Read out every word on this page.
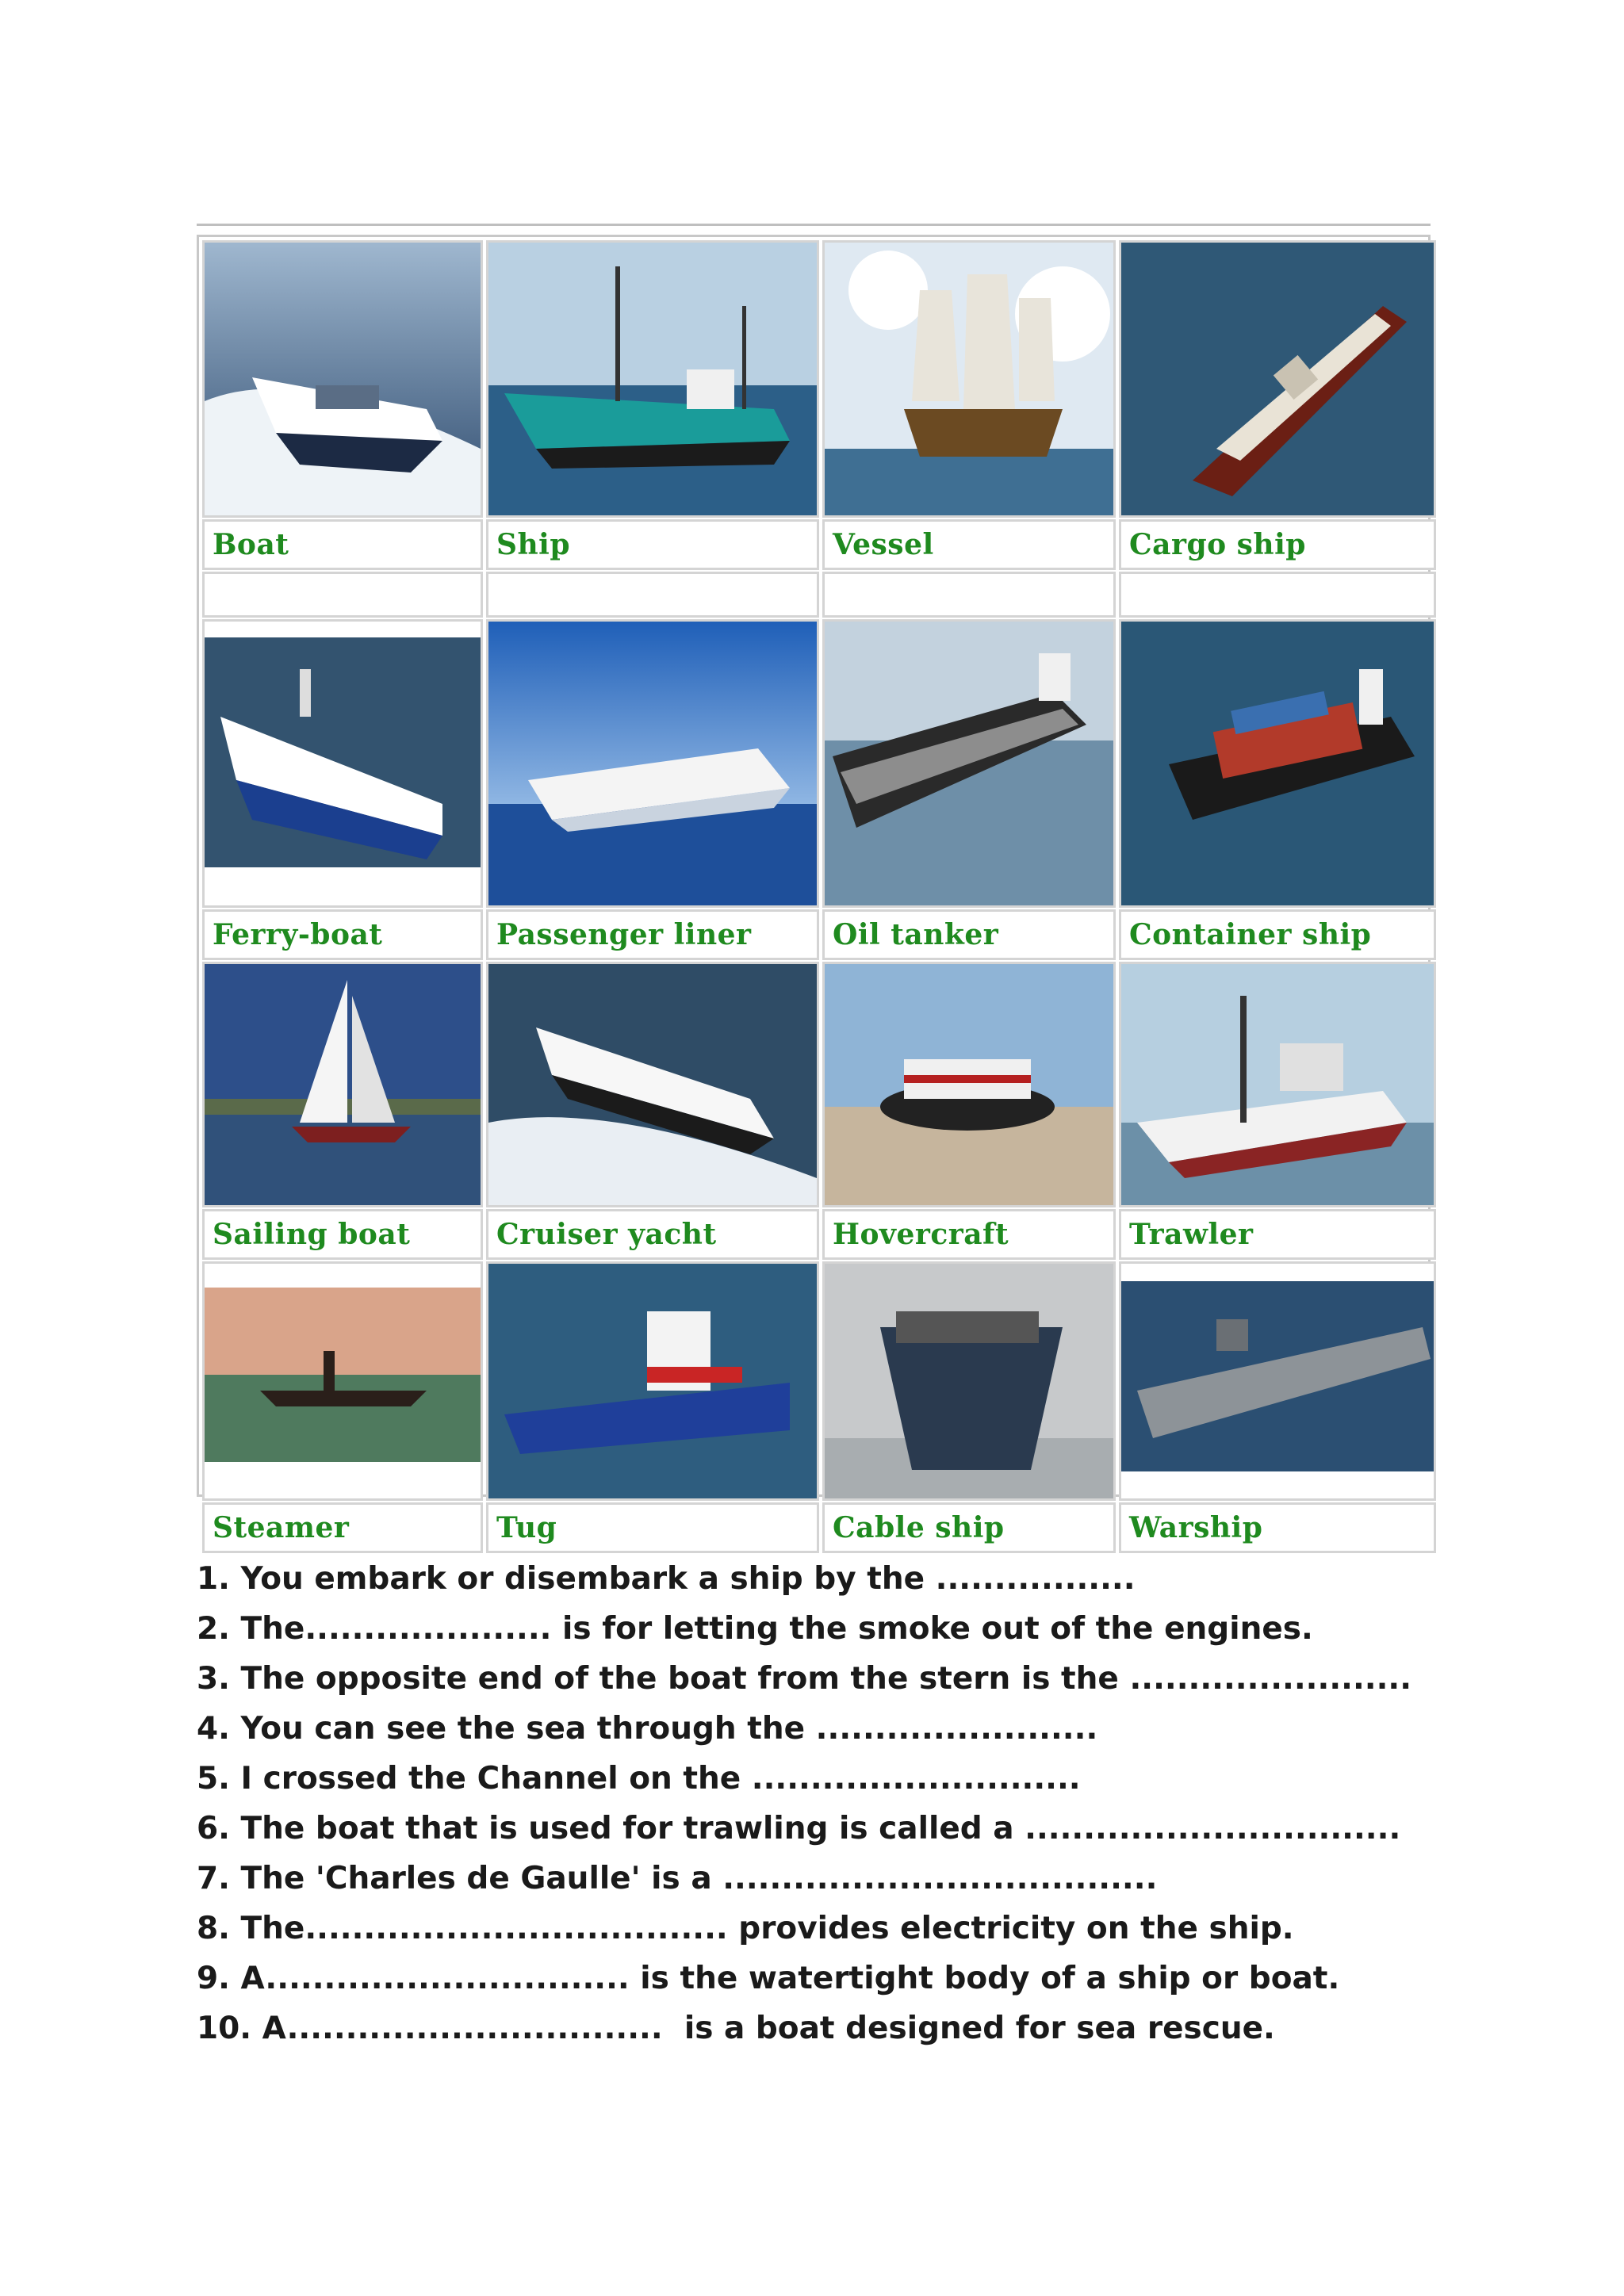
Boat	Ship	Vessel	Cargo ship
Ferry-boat	Passenger liner	Oil tanker	Container ship
Sailing boat	Cruiser yacht	Hovercraft	Trawler
Steamer	Tug	Cable ship	Warship
1. You embark or disembark a ship by the .................
2. The..................... is for letting the smoke out of the engines.
3. The opposite end of the boat from the stern is the ........................
4. You can see the sea through the ........................
5. I crossed the Channel on the ............................
6. The boat that is used for trawling is called a ................................
7. The 'Charles de Gaulle' is a .....................................
8. The.................................... provides electricity on the ship.
9. A............................... is the watertight body of a ship or boat.
10. A................................  is a boat designed for sea rescue.
